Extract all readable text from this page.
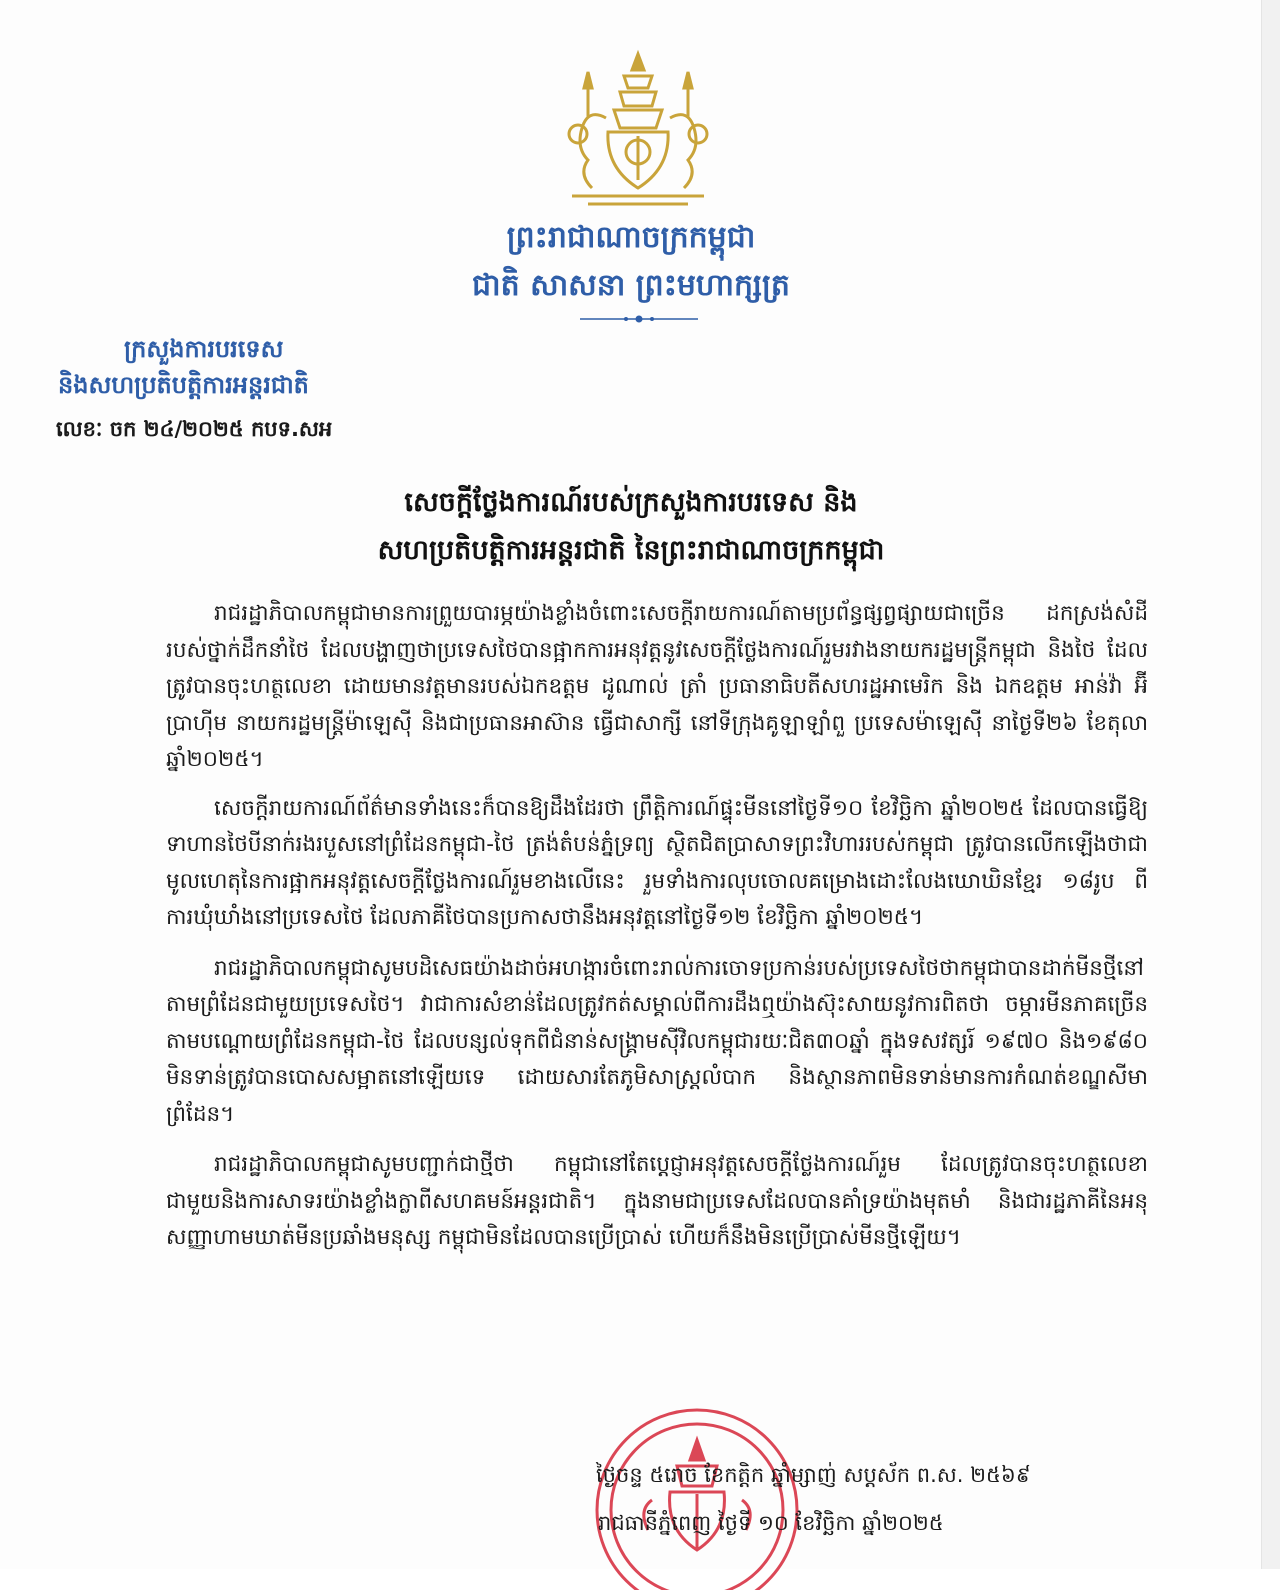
ព្រះរាជាណាចក្រកម្ពុជា
ជាតិ សាសនា ព្រះមហាក្សត្រ
ក្រសួងការបរទេស
និងសហប្រតិបត្តិការអន្តរជាតិ
លេខៈ ចក ២៤/២០២៥ កបទ.សអ
សេចក្តីថ្លែងការណ៍របស់ក្រសួងការបរទេស និង
សហប្រតិបត្តិការអន្តរជាតិ នៃព្រះរាជាណាចក្រកម្ពុជា

រាជរដ្ឋាភិបាលកម្ពុជាមានការព្រួយបារម្ភយ៉ាងខ្លាំងចំពោះសេចក្តីរាយការណ៍តាមប្រព័ន្ធផ្សព្វផ្សាយជាច្រើន ដកស្រង់សំដីរបស់ថ្នាក់ដឹកនាំថៃ ដែលបង្ហាញថាប្រទេសថៃបានផ្អាកការអនុវត្តនូវសេចក្តីថ្លែងការណ៍រួមរវាងនាយករដ្ឋមន្ត្រីកម្ពុជា និងថៃ ដែលត្រូវបានចុះហត្ថលេខា ដោយមានវត្តមានរបស់ឯកឧត្តម ដូណាល់ ត្រាំ ប្រធានាធិបតីសហរដ្ឋអាមេរិក និង ឯកឧត្តម អាន់វ៉ា អ៊ីប្រាហ៊ីម នាយករដ្ឋមន្ត្រីម៉ាឡេស៊ី និងជាប្រធានអាស៊ាន ធ្វើជាសាក្សី នៅទីក្រុងគូឡាឡាំពួ ប្រទេសម៉ាឡេស៊ី នាថ្ងៃទី២៦ ខែតុលា ឆ្នាំ២០២៥។

សេចក្តីរាយការណ៍ព័ត៌មានទាំងនេះក៏បានឱ្យដឹងដែរថា ព្រឹត្តិការណ៍ផ្ទុះមីននៅថ្ងៃទី១០ ខែវិច្ឆិកា ឆ្នាំ២០២៥ ដែលបានធ្វើឱ្យទាហានថៃបីនាក់រងរបួសនៅព្រំដែនកម្ពុជា-ថៃ ត្រង់តំបន់ភ្នំទ្រព្យ ស្ថិតជិតប្រាសាទព្រះវិហាររបស់កម្ពុជា ត្រូវបានលើកឡើងថាជាមូលហេតុនៃការផ្អាកអនុវត្តសេចក្តីថ្លែងការណ៍រួមខាងលើនេះ រួមទាំងការលុបចោលគម្រោងដោះលែងឃោឃិនខ្មែរ ១៨រូប ពីការឃុំឃាំងនៅប្រទេសថៃ ដែលភាគីថៃបានប្រកាសថានឹងអនុវត្តនៅថ្ងៃទី១២ ខែវិច្ឆិកា ឆ្នាំ២០២៥។

រាជរដ្ឋាភិបាលកម្ពុជាសូមបដិសេធយ៉ាងដាច់អហង្ការចំពោះរាល់ការចោទប្រកាន់របស់ប្រទេសថៃថាកម្ពុជាបានដាក់មីនថ្មីនៅតាមព្រំដែនជាមួយប្រទេសថៃ។ វាជាការសំខាន់ដែលត្រូវកត់សម្គាល់ពីការដឹងឮយ៉ាងស៊ុះសាយនូវការពិតថា ចម្ការមីនភាគច្រើនតាមបណ្តោយព្រំដែនកម្ពុជា-ថៃ ដែលបន្សល់ទុកពីជំនាន់សង្គ្រាមស៊ីវិលកម្ពុជារយៈជិត៣០ឆ្នាំ ក្នុងទសវត្សរ៍ ១៩៧០ និង១៩៨០ មិនទាន់ត្រូវបានបោសសម្អាតនៅឡើយទេ ដោយសារតែភូមិសាស្ត្រលំបាក និងស្ថានភាពមិនទាន់មានការកំណត់ខណ្ឌសីមាព្រំដែន។

រាជរដ្ឋាភិបាលកម្ពុជាសូមបញ្ជាក់ជាថ្មីថា កម្ពុជានៅតែប្តេជ្ញាអនុវត្តសេចក្តីថ្លែងការណ៍រួម ដែលត្រូវបានចុះហត្ថលេខាជាមួយនិងការសាទរយ៉ាងខ្លាំងក្លាពីសហគមន៍អន្តរជាតិ។ ក្នុងនាមជាប្រទេសដែលបានគាំទ្រយ៉ាងមុតមាំ និងជារដ្ឋភាគីនៃអនុសញ្ញាហាមឃាត់មីនប្រឆាំងមនុស្ស កម្ពុជាមិនដែលបានប្រើប្រាស់ ហើយក៏នឹងមិនប្រើប្រាស់មីនថ្មីឡើយ។

ថ្ងៃចន្ទ ៥រោច ខែកត្តិក ឆ្នាំម្សាញ់ សប្តស័ក ព.ស. ២៥៦៩
រាជធានីភ្នំពេញ ថ្ងៃទី ១០ ខែវិច្ឆិកា ឆ្នាំ២០២៥
